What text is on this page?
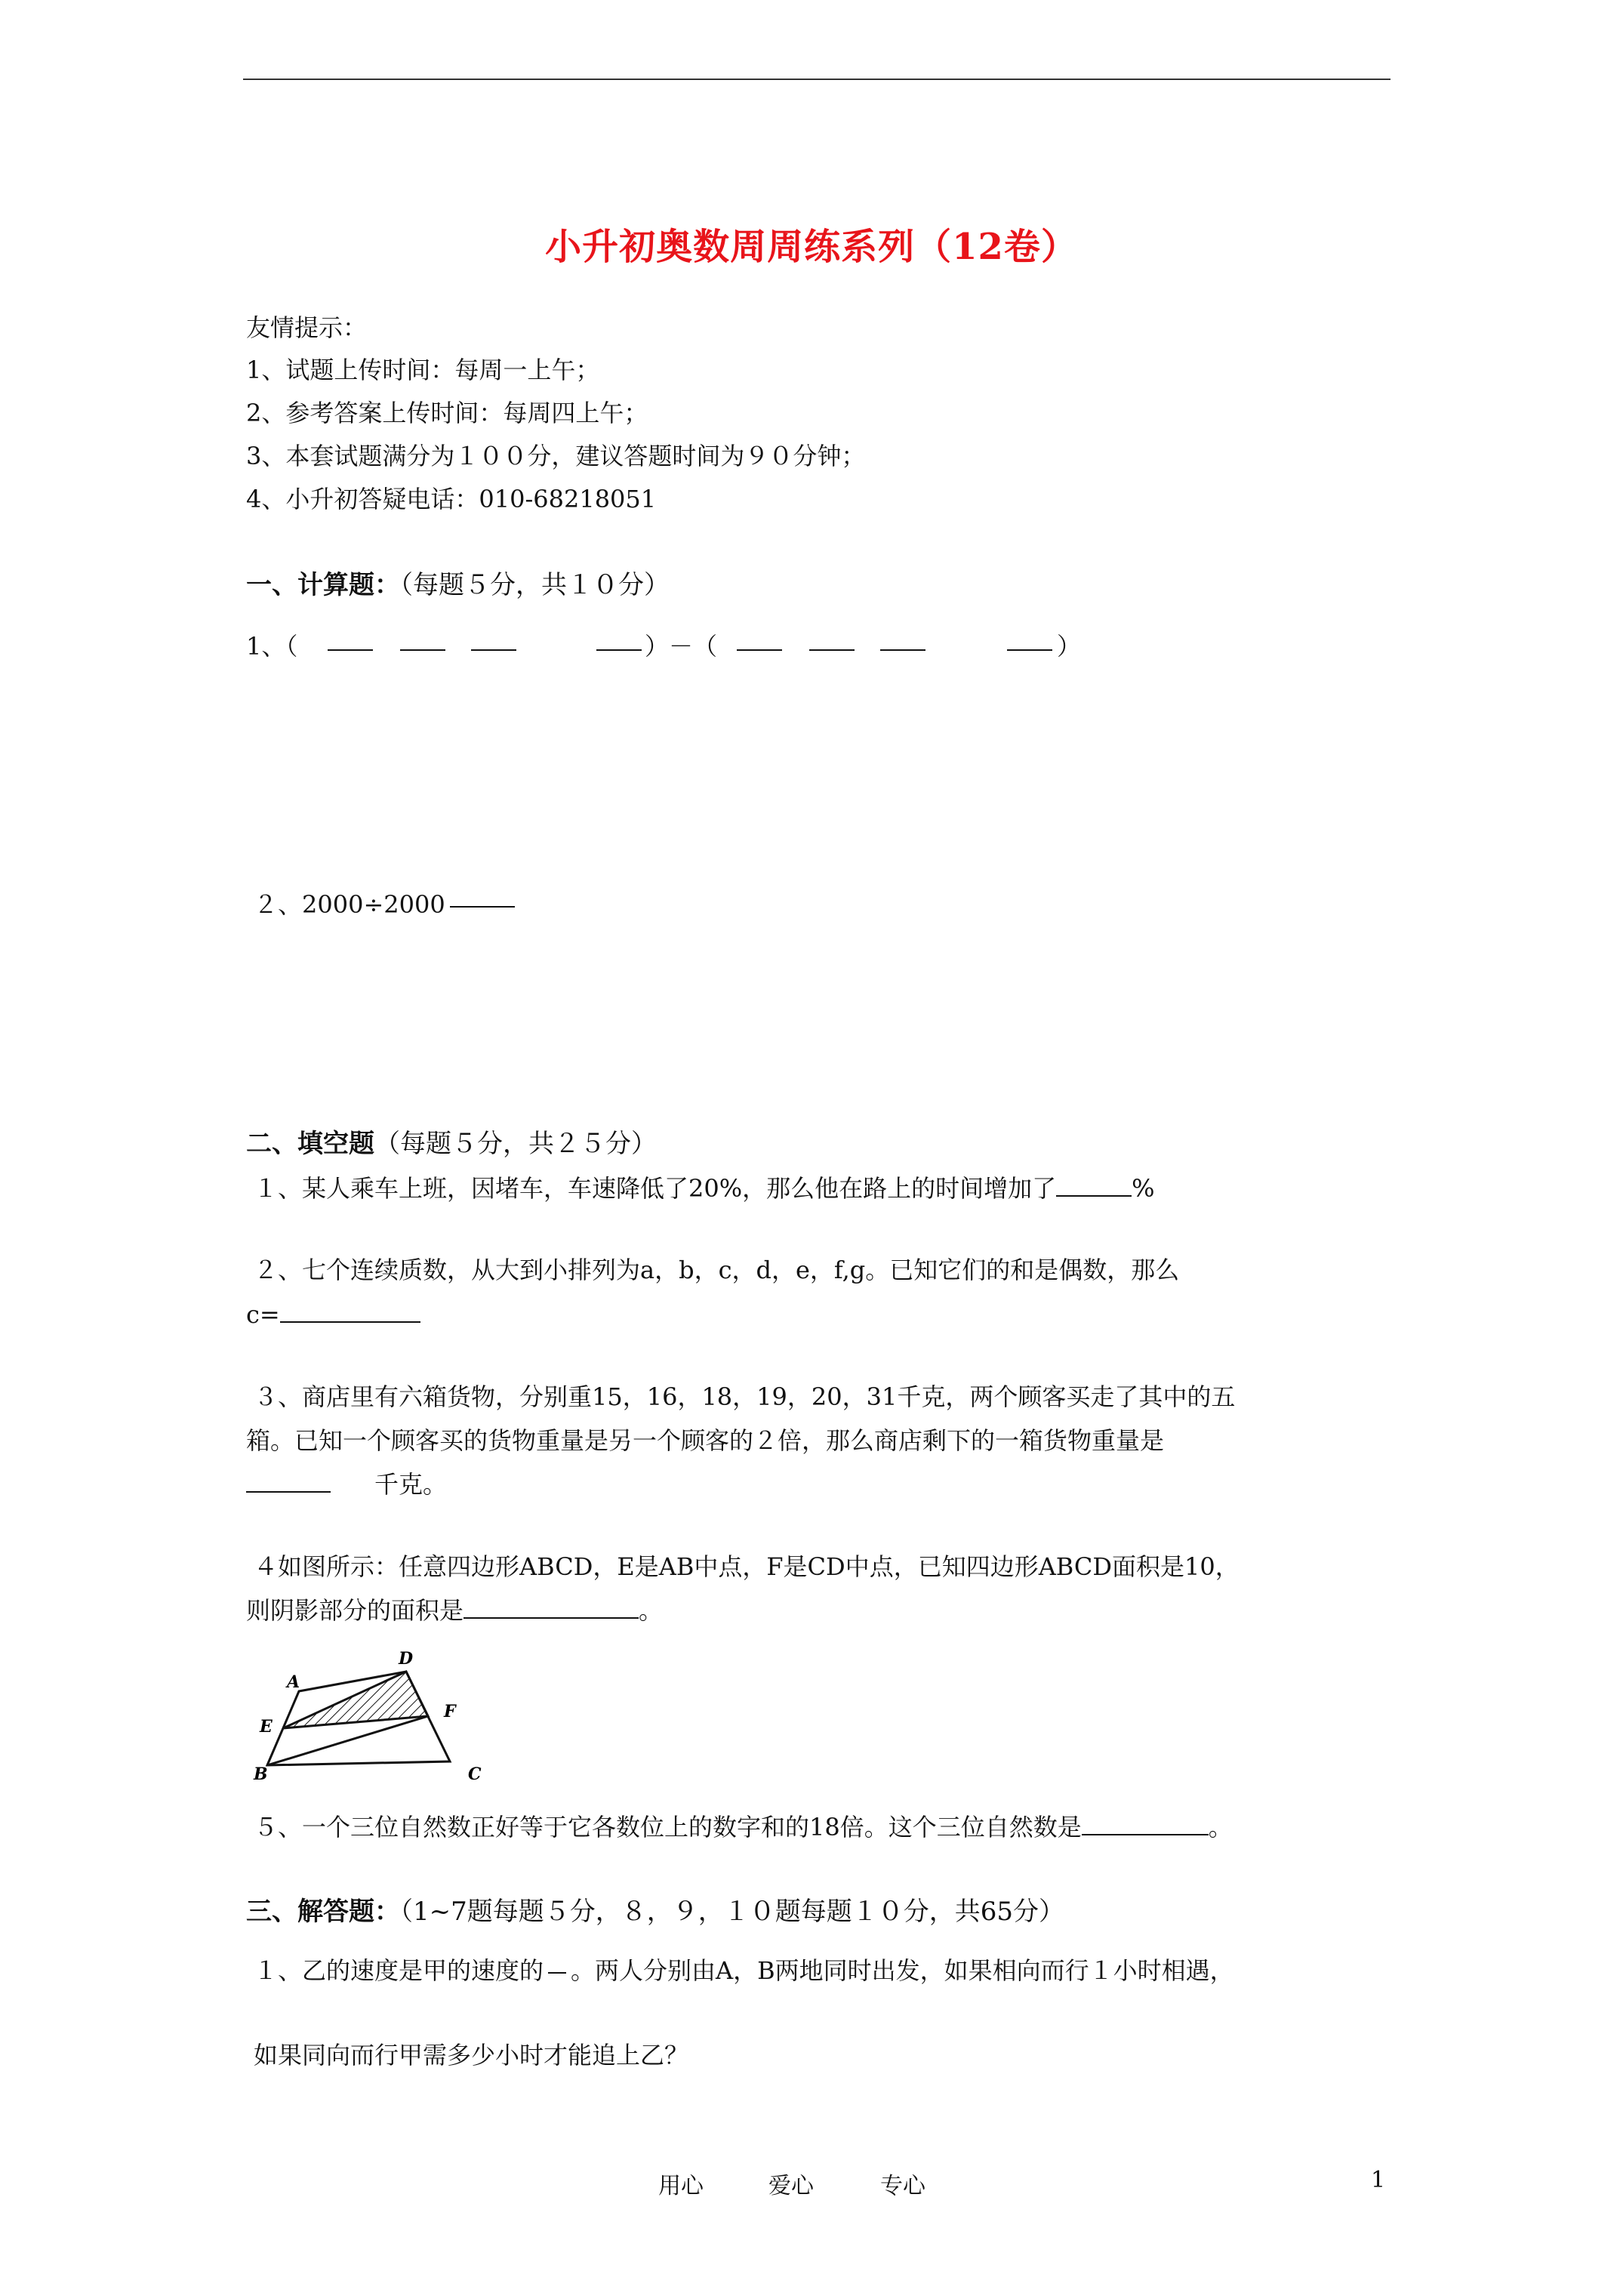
小升初奥数周周练系列（12卷）
友情提示：
1、试题上传时间：每周一上午；
2、参考答案上传时间：每周四上午；
3、本套试题满分为１００分，建议答题时间为９０分钟；
4、小升初答疑电话：010-68218051
一、计算题：（每题５分，共１０分）
1、（	）－（	）
２、2000÷2000
二、填空题（每题５分，共２５分）
１、某人乘车上班，因堵车，车速降低了20%，那么他在路上的时间增加了	%
２、七个连续质数，从大到小排列为a，b，c，d，e，f,g。已知它们的和是偶数，那么
c=
３、商店里有六箱货物，分别重15，16，18，19，20，31千克，两个顾客买走了其中的五
箱。已知一个顾客买的货物重量是另一个顾客的２倍，那么商店剩下的一箱货物重量是
千克。
４如图所示：任意四边形ABCD，E是AB中点，F是CD中点，已知四边形ABCD面积是10，
则阴影部分的面积是	。
A
D
E
F
B	C
５、一个三位自然数正好等于它各数位上的数字和的18倍。这个三位自然数是	。
三、解答题：（1~7题每题５分，８，９，１０题每题１０分，共65分）
１、乙的速度是甲的速度的 。两人分别由A，B两地同时出发，如果相向而行１小时相遇，
如果同向而行甲需多少小时才能追上乙？
用心	爱心	专心	1
